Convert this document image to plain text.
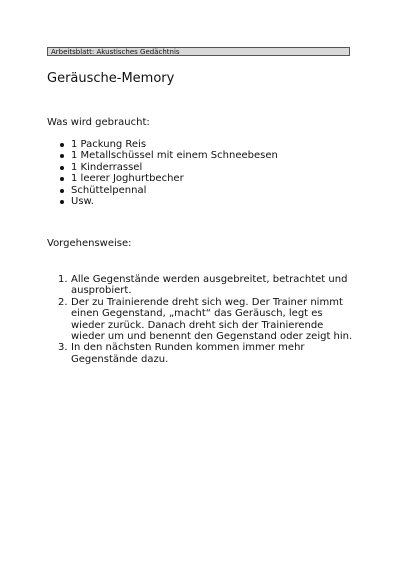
Arbeitsblatt: Akustisches Gedächtnis
Geräusche-Memory
Was wird gebraucht:
1 Packung Reis
1 Metallschüssel mit einem Schneebesen
1 Kinderrassel
1 leerer Joghurtbecher
Schüttelpennal
Usw.
Vorgehensweise:
1. Alle Gegenstände werden ausgebreitet, betrachtet und ausprobiert.
2. Der zu Trainierende dreht sich weg. Der Trainer nimmt einen Gegenstand, „macht“ das Geräusch, legt es wieder zurück. Danach dreht sich der Trainierende wieder um und benennt den Gegenstand oder zeigt hin.
3. In den nächsten Runden kommen immer mehr Gegenstände dazu.
